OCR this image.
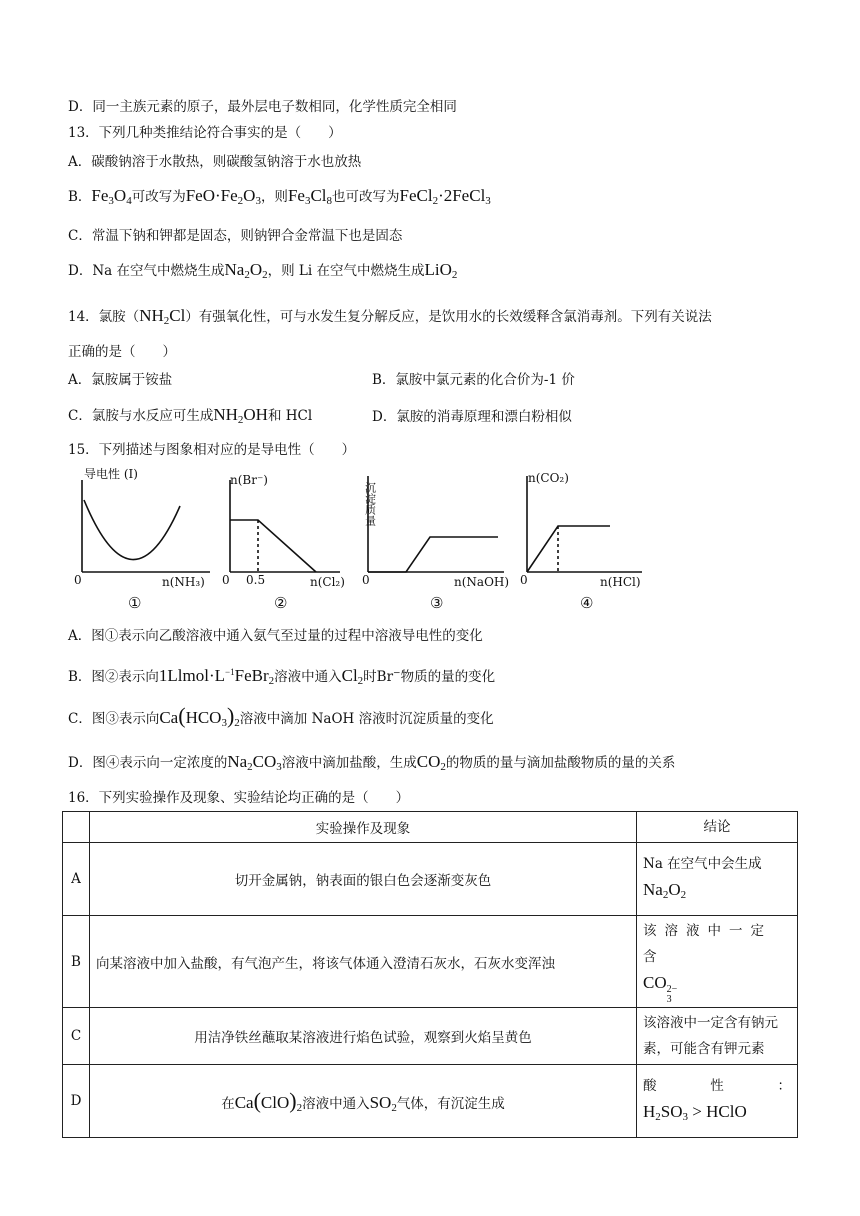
D．同一主族元素的原子，最外层电子数相同，化学性质完全相同
13．下列几种类推结论符合事实的是（　　）
A．碳酸钠溶于水散热，则碳酸氢钠溶于水也放热
B．$Fe_3O_4$可改写为$FeO\cdot Fe_2O_3$，则$Fe_3Cl_8$也可改写为FeCl$_2$·2FeCl$_3$
C．常温下钠和钾都是固态，则钠钾合金常温下也是固态
D．Na 在空气中燃烧生成$Na_2O_2$，则 Li 在空气中燃烧生成LiO$_2$
14．氯胺$(NH_2Cl)$有强氧化性，可与水发生复分解反应，是饮用水的长效缓释含氯消毒剂。下列有关说法
正确的是（　　）
A．氯胺属于铵盐	B．氯胺中氯元素的化合价为-1 价
C．氯胺与水反应可生成$NH_2OH$和 HCl	D．氯胺的消毒原理和漂白粉相似
15．下列描述与图象相对应的是导电性（　　）
导电性 (I)
0	n(NH₃)
①
n(Br⁻)
0 0.5	n(Cl₂)
②
沉淀质量
0	n(NaOH)
③
n(CO₂)
0	n(HCl)
④
A．图①表示向乙酸溶液中通入氨气至过量的过程中溶液导电性的变化
B．图②表示向$1Llmol\cdot L^{-1}FeBr_2$溶液中通入$Cl_2$时Br−物质的量的变化
C．图③表示向$Ca(HCO_3)_2$溶液中滴加 NaOH 溶液时沉淀质量的变化
D．图④表示向一定浓度的$Na_2CO_3$溶液中滴加盐酸，生成$CO_2$的物质的量与滴加盐酸物质的量的关系
16．下列实验操作及现象、实验结论均正确的是（　　）
	实验操作及现象	结论
A	切开金属钠，钠表面的银白色会逐渐变灰色	Na 在空气中会生成
$Na_2O_2$

B	向某溶液中加入盐酸，有气泡产生，将该气体通入澄清石灰水，石灰水变浑浊	该溶液中一定含
CO 2−
3

C	用洁净铁丝蘸取某溶液进行焰色试验，观察到火焰呈黄色	该溶液中一定含有钠元素，可能含有钾元素
D	在$Ca(ClO)_2$溶液中通入$SO_2$气体，有沉淀生成	酸 性 ：
$H_2SO_3$ > HClO
